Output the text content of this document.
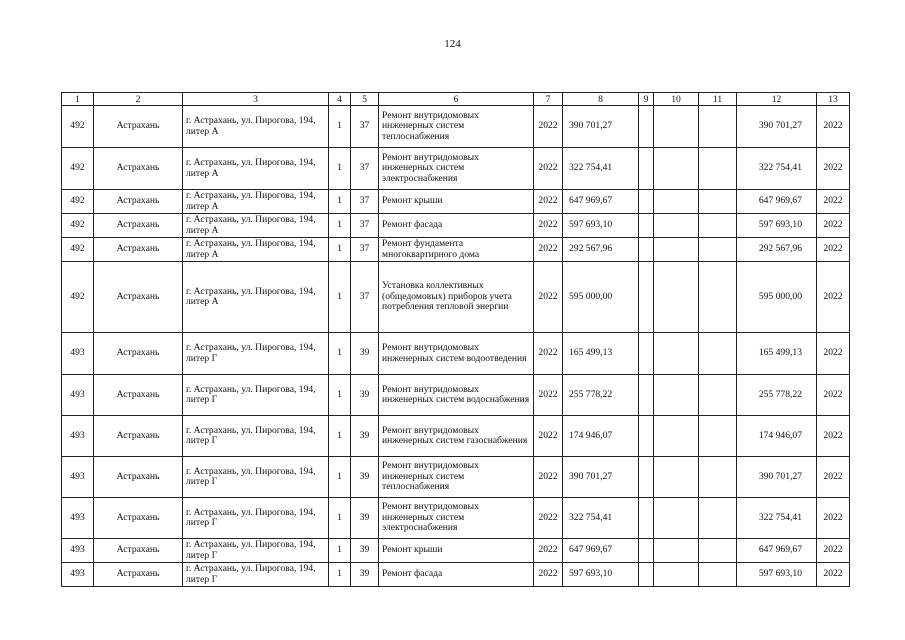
124
1	2	3	4	5	6	7	8	9	10	11	12	13
492	Астрахань	г. Астрахань, ул. Пирогова, 194, литер А	1	37	Ремонт внутридомовых инженерных систем теплоснабжения	2022	390 701,27				390 701,27	2022
492	Астрахань	г. Астрахань, ул. Пирогова, 194, литер А	1	37	Ремонт внутридомовых инженерных систем электроснабжения	2022	322 754,41				322 754,41	2022
492	Астрахань	г. Астрахань, ул. Пирогова, 194, литер А	1	37	Ремонт крыши	2022	647 969,67				647 969,67	2022
492	Астрахань	г. Астрахань, ул. Пирогова, 194, литер А	1	37	Ремонт фасада	2022	597 693,10				597 693,10	2022
492	Астрахань	г. Астрахань, ул. Пирогова, 194, литер А	1	37	Ремонт фундамента многоквартирного дома	2022	292 567,96				292 567,96	2022
492	Астрахань	г. Астрахань, ул. Пирогова, 194, литер А	1	37	Установка коллективных (общедомовых) приборов учета потребления тепловой энергии	2022	595 000,00				595 000,00	2022
493	Астрахань	г. Астрахань, ул. Пирогова, 194, литер Г	1	39	Ремонт внутридомовых инженерных систем водоотведения	2022	165 499,13				165 499,13	2022
493	Астрахань	г. Астрахань, ул. Пирогова, 194, литер Г	1	39	Ремонт внутридомовых инженерных систем водоснабжения	2022	255 778,22				255 778,22	2022
493	Астрахань	г. Астрахань, ул. Пирогова, 194, литер Г	1	39	Ремонт внутридомовых инженерных систем газоснабжения	2022	174 946,07				174 946,07	2022
493	Астрахань	г. Астрахань, ул. Пирогова, 194, литер Г	1	39	Ремонт внутридомовых инженерных систем теплоснабжения	2022	390 701,27				390 701,27	2022
493	Астрахань	г. Астрахань, ул. Пирогова, 194, литер Г	1	39	Ремонт внутридомовых инженерных систем электроснабжения	2022	322 754,41				322 754,41	2022
493	Астрахань	г. Астрахань, ул. Пирогова, 194, литер Г	1	39	Ремонт крыши	2022	647 969,67				647 969,67	2022
493	Астрахань	г. Астрахань, ул. Пирогова, 194, литер Г	1	39	Ремонт фасада	2022	597 693,10				597 693,10	2022
